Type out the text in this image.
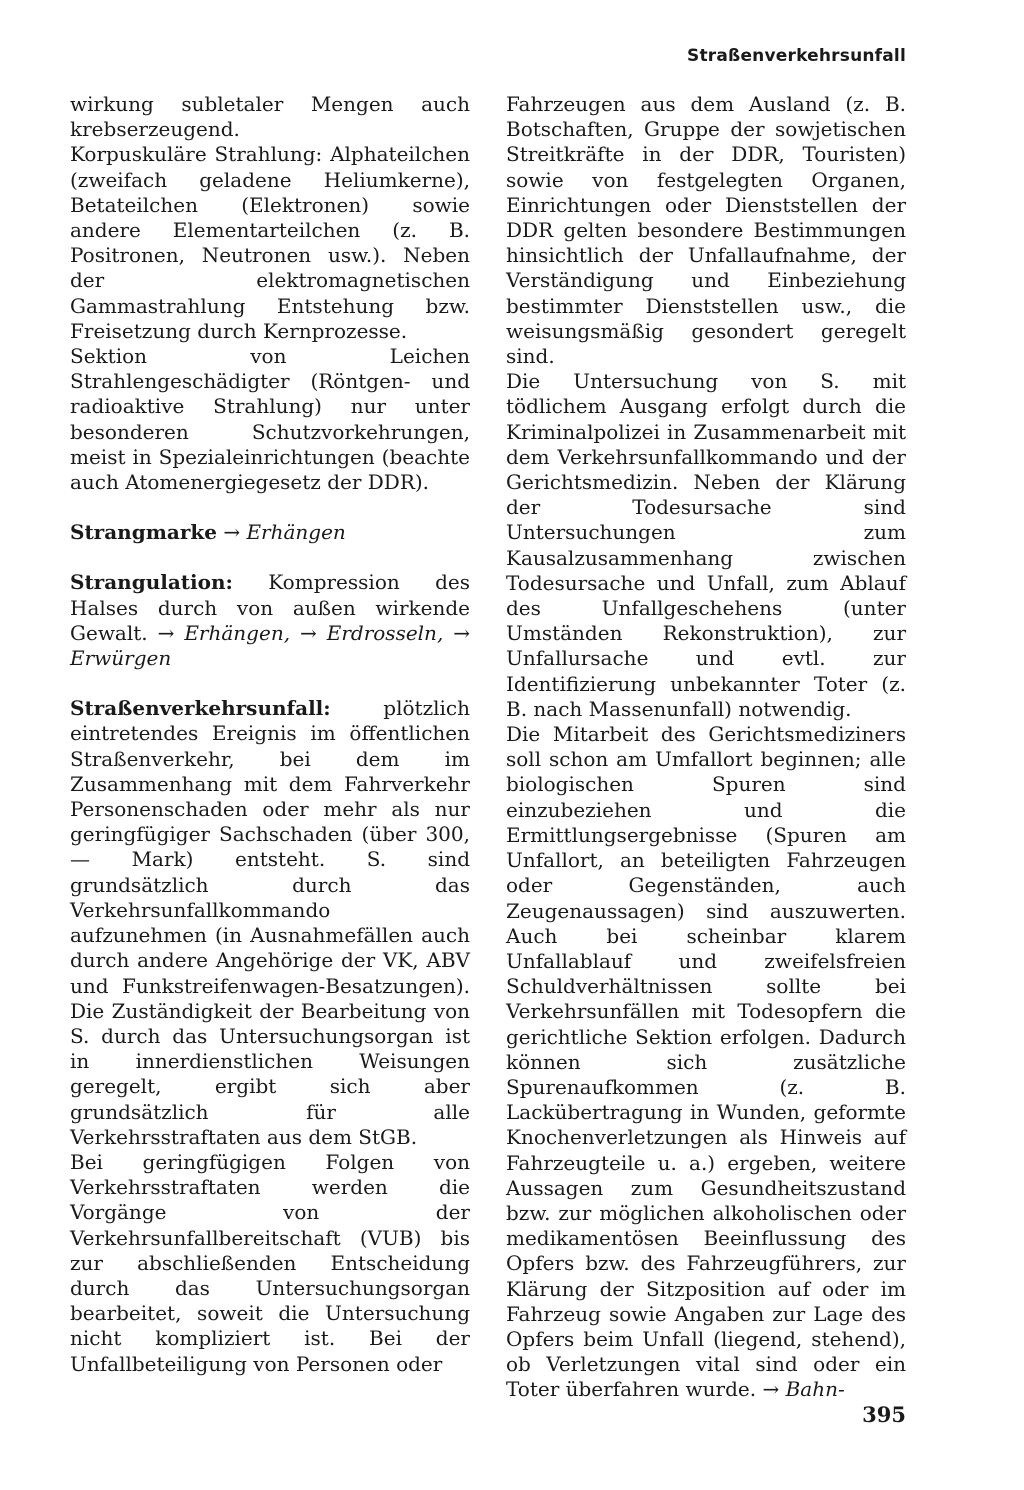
Straßenverkehrsunfall

wirkung subletaler Mengen auch krebserzeugend.

Korpuskuläre Strahlung: Alphateilchen (zweifach geladene Heliumkerne), Betateilchen (Elektronen) sowie andere Elementarteilchen (z. B. Positronen, Neutronen usw.). Neben der elektromagnetischen Gammastrahlung Entstehung bzw. Freisetzung durch Kernprozesse.

Sektion von Leichen Strahlengeschädigter (Röntgen- und radioaktive Strahlung) nur unter besonderen Schutzvorkehrungen, meist in Spezialeinrichtungen (beachte auch Atomenergiegesetz der DDR).

Strangmarke → Erhängen

Strangulation: Kompression des Halses durch von außen wirkende Gewalt. → Erhängen, → Erdrosseln, → Erwürgen

Straßenverkehrsunfall:	plötzlich eintretendes Ereignis im öffentlichen Straßenverkehr, bei dem im Zusammenhang mit dem Fahrverkehr Personenschaden oder mehr als nur geringfügiger Sachschaden (über 300,— Mark) entsteht. S. sind grundsätzlich durch das Verkehrsunfallkommando aufzunehmen (in Ausnahmefällen auch durch andere Angehörige der VK, ABV und Funkstreifenwagen-Besatzungen). Die Zuständigkeit der Bearbeitung von S. durch das Untersuchungsorgan ist in innerdienstlichen Weisungen geregelt, ergibt sich aber grundsätzlich für alle Verkehrsstraftaten aus dem StGB.

Bei geringfügigen Folgen von Verkehrsstraftaten werden die Vorgänge von der Verkehrsunfallbereitschaft (VUB) bis zur abschließenden Entscheidung durch das Untersuchungsorgan bearbeitet, soweit die Untersuchung nicht kompliziert ist. Bei der Unfallbeteiligung von Personen oder

Fahrzeugen aus dem Ausland (z. B. Botschaften, Gruppe der sowjetischen Streitkräfte in der DDR, Touristen) sowie von festgelegten Organen, Einrichtungen oder Dienststellen der DDR gelten besondere Bestimmungen hinsichtlich der Unfallaufnahme, der Verständigung und Einbeziehung bestimmter Dienststellen usw., die weisungsmäßig gesondert geregelt sind.

Die Untersuchung von S. mit tödlichem Ausgang erfolgt durch die Kriminalpolizei in Zusammenarbeit mit dem Verkehrsunfallkommando und der Gerichtsmedizin. Neben der Klärung der Todesursache sind Untersuchungen zum Kausalzusammenhang zwischen Todesursache und Unfall, zum Ablauf des Unfallgeschehens (unter Umständen Rekonstruktion), zur Unfallursache und evtl. zur Identifizierung unbekannter Toter (z. B. nach Massenunfall) notwendig.

Die Mitarbeit des Gerichtsmediziners soll schon am Umfallort beginnen; alle biologischen Spuren sind einzubeziehen und die Ermittlungsergebnisse (Spuren am Unfallort, an beteiligten Fahrzeugen oder Gegenständen, auch Zeugenaussagen) sind auszuwerten. Auch bei scheinbar klarem Unfallablauf und zweifelsfreien Schuldverhältnissen sollte bei Verkehrsunfällen mit Todesopfern die gerichtliche Sektion erfolgen. Dadurch können sich zusätzliche Spurenaufkommen (z. B. Lackübertragung in Wunden, geformte Knochenverletzungen als Hinweis auf Fahrzeugteile u. a.) ergeben, weitere Aussagen zum Gesundheitszustand bzw. zur möglichen alkoholischen oder medikamentösen Beeinflussung des Opfers bzw. des Fahrzeugführers, zur Klärung der Sitzposition auf oder im Fahrzeug sowie Angaben zur Lage des Opfers beim Unfall (liegend, stehend), ob Verletzungen vital sind oder ein Toter überfahren wurde. → Bahn-

395
